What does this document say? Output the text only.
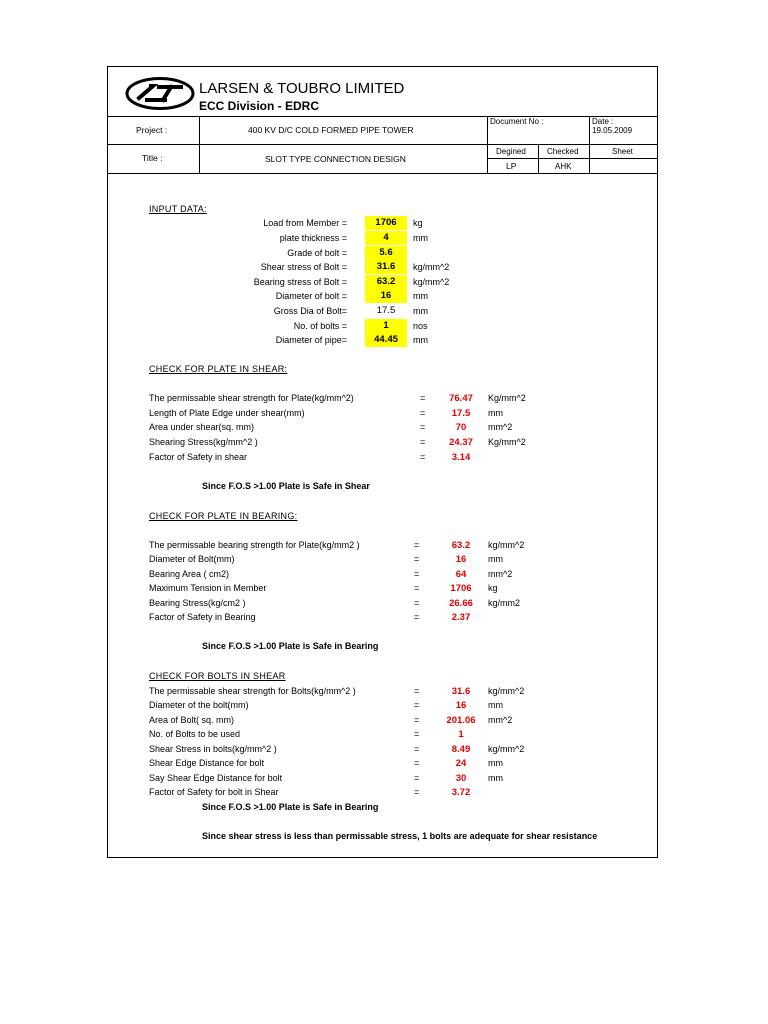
LARSEN & TOUBRO LIMITED
ECC Division - EDRC
Project :	400 KV D/C COLD FORMED PIPE TOWER
Document No :	Date :
19.05.2009
Title :	SLOT TYPE CONNECTION DESIGN
Degined	Checked	Sheet
LP	AHK
INPUT DATA:
Load from Member =	1706	kg
plate thickness =	4	mm
Grade of bolt =	5.6
Shear stress of Bolt =	31.6	kg/mm^2
Bearing stress of Bolt =	63.2	kg/mm^2
Diameter of bolt =	16	mm
Gross Dia of Bolt=	17.5	mm
No. of bolts =	1	nos
Diameter of pipe=	44.45	mm
CHECK FOR PLATE IN SHEAR:
The permissable shear strength for Plate(kg/mm^2)	=	76.47	Kg/mm^2
Length of Plate Edge under shear(mm)	=	17.5	mm
Area under shear(sq. mm)	=	70	mm^2
Shearing Stress(kg/mm^2 )	=	24.37	Kg/mm^2
Factor of Safety in shear	=	3.14
Since F.O.S >1.00 Plate is Safe in Shear
CHECK FOR PLATE IN BEARING:
The permissable bearing strength for Plate(kg/mm2 )	=	63.2	kg/mm^2
Diameter of Bolt(mm)	=	16	mm
Bearing Area ( cm2)	=	64	mm^2
Maximum Tension in Member	=	1706	kg
Bearing Stress(kg/cm2 )	=	26.66	kg/mm2
Factor of Safety in Bearing	=	2.37
Since F.O.S >1.00 Plate is Safe in Bearing
CHECK FOR BOLTS IN SHEAR
The permissable shear strength for Bolts(kg/mm^2 )	=	31.6	kg/mm^2
Diameter of the bolt(mm)	=	16	mm
Area of Bolt( sq. mm)	=	201.06	mm^2
No. of Bolts to be used	=	1
Shear Stress in bolts(kg/mm^2 )	=	8.49	kg/mm^2
Shear Edge Distance for bolt	=	24	mm
Say Shear Edge Distance for bolt	=	30	mm
Factor of Safety for bolt in Shear	=	3.72
Since F.O.S >1.00 Plate is Safe in Bearing
Since shear stress is less than permissable stress, 1 bolts are adequate for shear resistance
